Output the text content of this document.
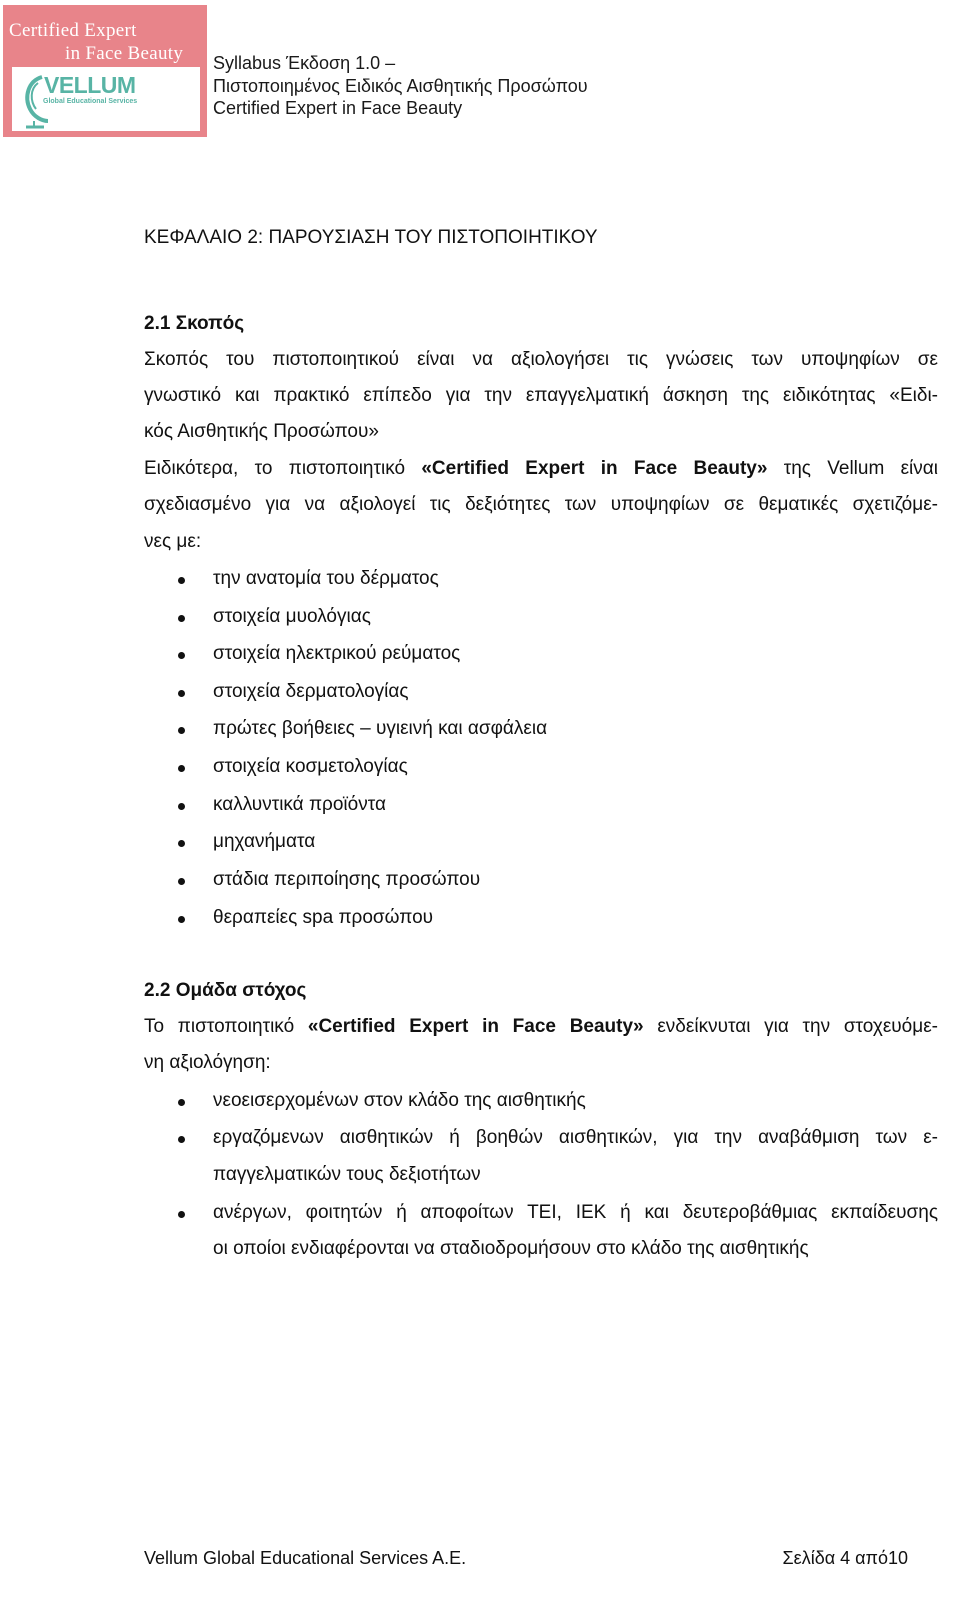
Certified Expert
in Face Beauty
VELLUM
Global Educational Services
Syllabus Έκδοση 1.0 –
Πιστοποιημένος Ειδικός Αισθητικής Προσώπου
Certified Expert in Face Beauty
ΚΕΦΑΛΑΙΟ 2: ΠΑΡΟΥΣΙΑΣΗ ΤΟΥ ΠΙΣΤΟΠΟΙΗΤΙΚΟΥ
2.1 Σκοπός
Σκοπός του πιστοποιητικού είναι να αξιολογήσει τις γνώσεις των υποψηφίων σε
γνωστικό και πρακτικό επίπεδο για την επαγγελματική άσκηση της ειδικότητας «Ειδι-
κός Αισθητικής Προσώπου»
Ειδικότερα, το πιστοποιητικό «Certified Expert in Face Beauty» της Vellum είναι
σχεδιασμένο για να αξιολογεί τις δεξιότητες των υποψηφίων σε θεματικές σχετιζόμε-
νες με:
την ανατομία του δέρματος
στοιχεία μυολόγιας
στοιχεία ηλεκτρικού ρεύματος
στοιχεία δερματολογίας
πρώτες βοήθειες – υγιεινή και ασφάλεια
στοιχεία κοσμετολογίας
καλλυντικά προϊόντα
μηχανήματα
στάδια περιποίησης προσώπου
θεραπείες spa προσώπου
2.2 Ομάδα στόχος
Το πιστοποιητικό «Certified Expert in Face Beauty» ενδείκνυται για την στοχευόμε-
νη αξιολόγηση:
νεοεισερχομένων στον κλάδο της αισθητικής
εργαζόμενων αισθητικών ή βοηθών αισθητικών, για την αναβάθμιση των ε-
παγγελματικών τους δεξιοτήτων
ανέργων, φοιτητών ή αποφοίτων ΤΕΙ, ΙΕΚ ή και δευτεροβάθμιας εκπαίδευσης
οι οποίοι ενδιαφέρονται να σταδιοδρομήσουν στο κλάδο της αισθητικής
Vellum Global Educational Services A.E.	Σελίδα 4 από10
